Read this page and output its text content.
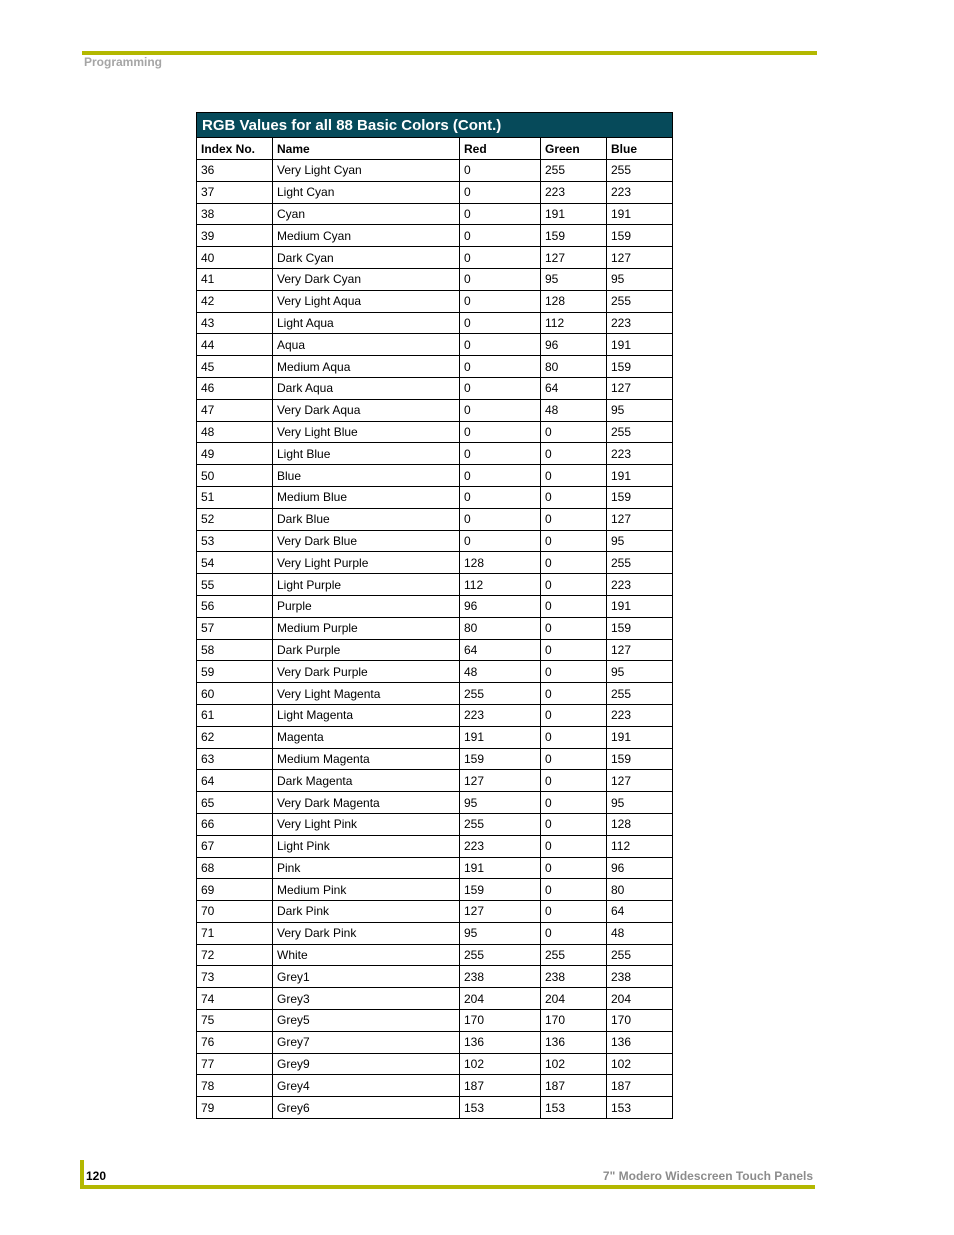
Programming
RGB Values for all 88 Basic Colors (Cont.)				
Index No.	Name	Red	Green	Blue
36	Very Light Cyan	0	255	255
37	Light Cyan	0	223	223
38	Cyan	0	191	191
39	Medium Cyan	0	159	159
40	Dark Cyan	0	127	127
41	Very Dark Cyan	0	95	95
42	Very Light Aqua	0	128	255
43	Light Aqua	0	112	223
44	Aqua	0	96	191
45	Medium Aqua	0	80	159
46	Dark Aqua	0	64	127
47	Very Dark Aqua	0	48	95
48	Very Light Blue	0	0	255
49	Light Blue	0	0	223
50	Blue	0	0	191
51	Medium Blue	0	0	159
52	Dark Blue	0	0	127
53	Very Dark Blue	0	0	95
54	Very Light Purple	128	0	255
55	Light Purple	112	0	223
56	Purple	96	0	191
57	Medium Purple	80	0	159
58	Dark Purple	64	0	127
59	Very Dark Purple	48	0	95
60	Very Light Magenta	255	0	255
61	Light Magenta	223	0	223
62	Magenta	191	0	191
63	Medium Magenta	159	0	159
64	Dark Magenta	127	0	127
65	Very Dark Magenta	95	0	95
66	Very Light Pink	255	0	128
67	Light Pink	223	0	112
68	Pink	191	0	96
69	Medium Pink	159	0	80
70	Dark Pink	127	0	64
71	Very Dark Pink	95	0	48
72	White	255	255	255
73	Grey1	238	238	238
74	Grey3	204	204	204
75	Grey5	170	170	170
76	Grey7	136	136	136
77	Grey9	102	102	102
78	Grey4	187	187	187
79	Grey6	153	153	153
120	7" Modero Widescreen Touch Panels
